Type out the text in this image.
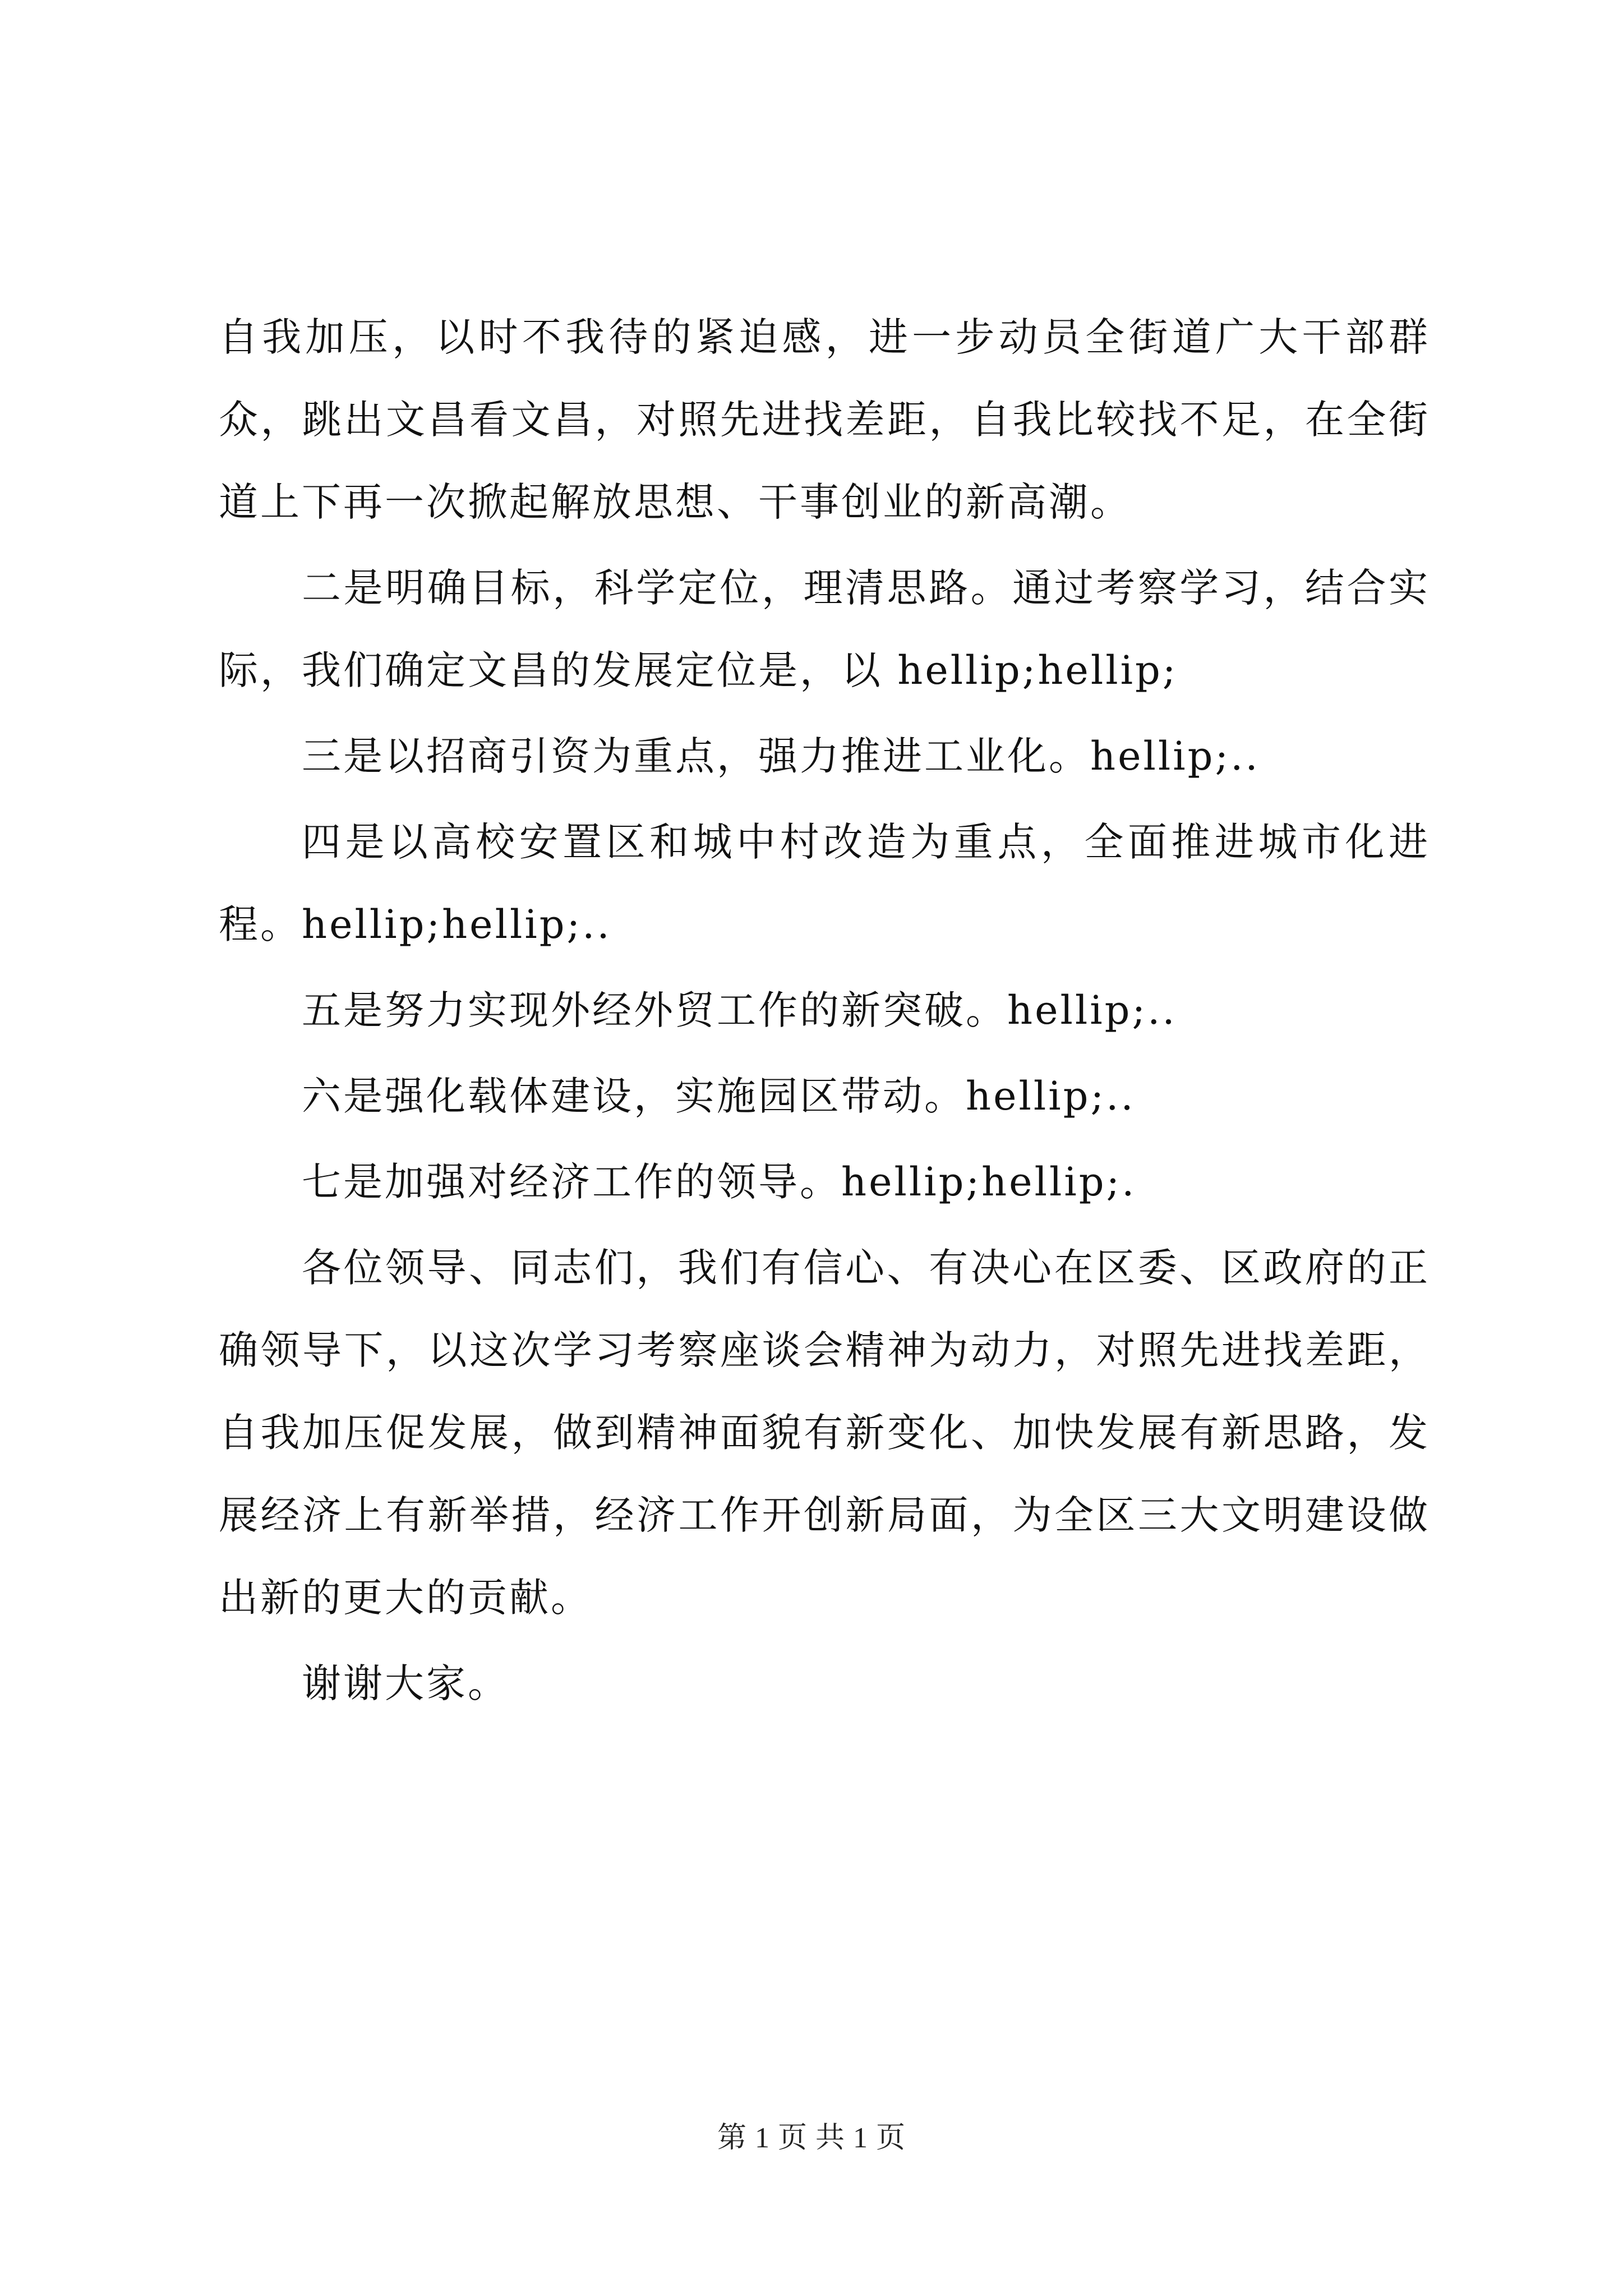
自我加压，以时不我待的紧迫感，进一步动员全街道广大干部群众，跳出文昌看文昌，对照先进找差距，自我比较找不足，在全街道上下再一次掀起解放思想、干事创业的新高潮。

二是明确目标，科学定位，理清思路。通过考察学习，结合实际，我们确定文昌的发展定位是，以 hellip;hellip;

三是以招商引资为重点，强力推进工业化。hellip;..

四是以高校安置区和城中村改造为重点，全面推进城市化进程。hellip;hellip;..

五是努力实现外经外贸工作的新突破。hellip;..

六是强化载体建设，实施园区带动。hellip;..

七是加强对经济工作的领导。hellip;hellip;.

各位领导、同志们，我们有信心、有决心在区委、区政府的正确领导下，以这次学习考察座谈会精神为动力，对照先进找差距，自我加压促发展，做到精神面貌有新变化、加快发展有新思路，发展经济上有新举措，经济工作开创新局面，为全区三大文明建设做出新的更大的贡献。

谢谢大家。

第 1 页 共 1 页
